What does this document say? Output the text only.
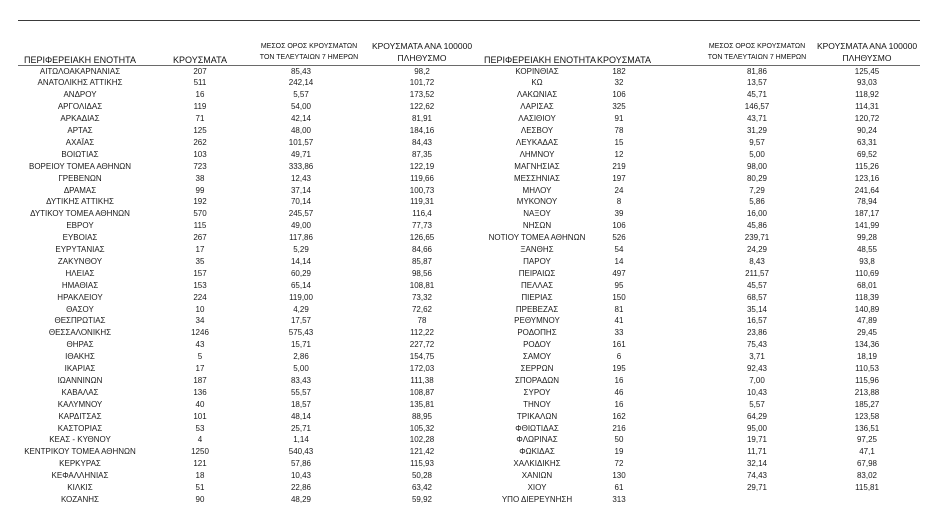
ΠΕΡΙΦΕΡΕΙΑΚΗ ΕΝΟΤΗΤΑ	ΚΡΟΥΣΜΑΤΑ
ΜΕΣΟΣ ΟΡΟΣ ΚΡΟΥΣΜΑΤΩΝ
ΤΟΝ ΤΕΛΕΥΤΑΙΩΝ 7 ΗΜΕΡΩΝ
ΚΡΟΥΣΜΑΤΑ ΑΝΑ 100000
ΠΛΗΘΥΣΜΟ	ΠΕΡΙΦΕΡΕΙΑΚΗ ΕΝΟΤΗΤΑ ΚΡΟΥΣΜΑΤΑ
ΜΕΣΟΣ ΟΡΟΣ ΚΡΟΥΣΜΑΤΩΝ
ΤΟΝ ΤΕΛΕΥΤΑΙΩΝ 7 ΗΜΕΡΩΝ
ΚΡΟΥΣΜΑΤΑ ΑΝΑ 100000
ΠΛΗΘΥΣΜΟ
ΑΙΤΩΛΟΑΚΑΡΝΑΝΙΑΣ	207	85,43	98,2
ΑΝΑΤΟΛΙΚΗΣ ΑΤΤΙΚΗΣ	511	242,14	101,72
ΑΝΔΡΟΥ	16	5,57	173,52
ΑΡΓΟΛΙΔΑΣ	119	54,00	122,62
ΑΡΚΑΔΙΑΣ	71	42,14	81,91
ΑΡΤΑΣ	125	48,00	184,16
ΑΧΑΪΑΣ	262	101,57	84,43
ΒΟΙΩΤΙΑΣ	103	49,71	87,35
ΒΟΡΕΙΟΥ ΤΟΜΕΑ ΑΘΗΝΩΝ	723	333,86	122,19
ΓΡΕΒΕΝΩΝ	38	12,43	119,66
ΔΡΑΜΑΣ	99	37,14	100,73
ΔΥΤΙΚΗΣ ΑΤΤΙΚΗΣ	192	70,14	119,31
ΔΥΤΙΚΟΥ ΤΟΜΕΑ ΑΘΗΝΩΝ	570	245,57	116,4
ΕΒΡΟΥ	115	49,00	77,73
ΕΥΒΟΙΑΣ	267	117,86	126,65
ΕΥΡΥΤΑΝΙΑΣ	17	5,29	84,66
ΖΑΚΥΝΘΟΥ	35	14,14	85,87
ΗΛΕΙΑΣ	157	60,29	98,56
ΗΜΑΘΙΑΣ	153	65,14	108,81
ΗΡΑΚΛΕΙΟΥ	224	119,00	73,32
ΘΑΣΟΥ	10	4,29	72,62
ΘΕΣΠΡΩΤΙΑΣ	34	17,57	78
ΘΕΣΣΑΛΟΝΙΚΗΣ	1246	575,43	112,22
ΘΗΡΑΣ	43	15,71	227,72
ΙΘΑΚΗΣ	5	2,86	154,75
ΙΚΑΡΙΑΣ	17	5,00	172,03
ΙΩΑΝΝΙΝΩΝ	187	83,43	111,38
ΚΑΒΑΛΑΣ	136	55,57	108,87
ΚΑΛΥΜΝΟΥ	40	18,57	135,81
ΚΑΡΔΙΤΣΑΣ	101	48,14	88,95
ΚΑΣΤΟΡΙΑΣ	53	25,71	105,32
ΚΕΑΣ - ΚΥΘΝΟΥ	4	1,14	102,28
ΚΕΝΤΡΙΚΟΥ ΤΟΜΕΑ ΑΘΗΝΩΝ	1250	540,43	121,42
ΚΕΡΚΥΡΑΣ	121	57,86	115,93
ΚΕΦΑΛΛΗΝΙΑΣ	18	10,43	50,28
ΚΙΛΚΙΣ	51	22,86	63,42
ΚΟΖΑΝΗΣ	90	48,29	59,92
ΚΟΡΙΝΘΙΑΣ	182	81,86	125,45
ΚΩ	32	13,57	93,03
ΛΑΚΩΝΙΑΣ	106	45,71	118,92
ΛΑΡΙΣΑΣ	325	146,57	114,31
ΛΑΣΙΘΙΟΥ	91	43,71	120,72
ΛΕΣΒΟΥ	78	31,29	90,24
ΛΕΥΚΑΔΑΣ	15	9,57	63,31
ΛΗΜΝΟΥ	12	5,00	69,52
ΜΑΓΝΗΣΙΑΣ	219	98,00	115,26
ΜΕΣΣΗΝΙΑΣ	197	80,29	123,16
ΜΗΛΟΥ	24	7,29	241,64
ΜΥΚΟΝΟΥ	8	5,86	78,94
ΝΑΞΟΥ	39	16,00	187,17
ΝΗΣΩΝ	106	45,86	141,99
ΝΟΤΙΟΥ ΤΟΜΕΑ ΑΘΗΝΩΝ	526	239,71	99,28
ΞΑΝΘΗΣ	54	24,29	48,55
ΠΑΡΟΥ	14	8,43	93,8
ΠΕΙΡΑΙΩΣ	497	211,57	110,69
ΠΕΛΛΑΣ	95	45,57	68,01
ΠΙΕΡΙΑΣ	150	68,57	118,39
ΠΡΕΒΕΖΑΣ	81	35,14	140,89
ΡΕΘΥΜΝΟΥ	41	16,57	47,89
ΡΟΔΟΠΗΣ	33	23,86	29,45
ΡΟΔΟΥ	161	75,43	134,36
ΣΑΜΟΥ	6	3,71	18,19
ΣΕΡΡΩΝ	195	92,43	110,53
ΣΠΟΡΑΔΩΝ	16	7,00	115,96
ΣΥΡΟΥ	46	10,43	213,88
ΤΗΝΟΥ	16	5,57	185,27
ΤΡΙΚΑΛΩΝ	162	64,29	123,58
ΦΘΙΩΤΙΔΑΣ	216	95,00	136,51
ΦΛΩΡΙΝΑΣ	50	19,71	97,25
ΦΩΚΙΔΑΣ	19	11,71	47,1
ΧΑΛΚΙΔΙΚΗΣ	72	32,14	67,98
ΧΑΝΙΩΝ	130	74,43	83,02
ΧΙΟΥ	61	29,71	115,81
ΥΠΟ ΔΙΕΡΕΥΝΗΣΗ	313
